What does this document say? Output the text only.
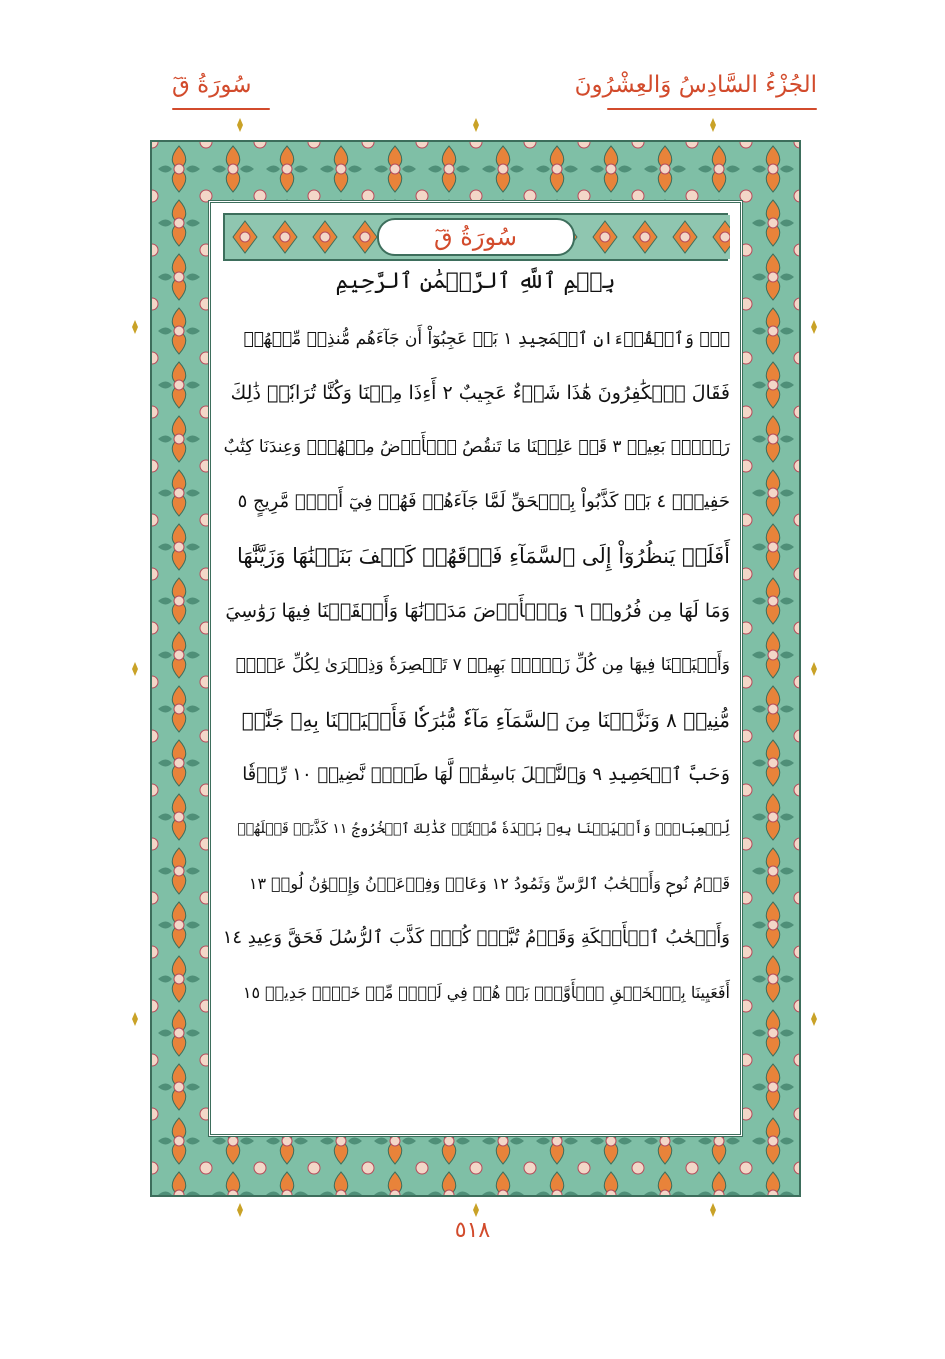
الجُزْءُ السَّادِسُ وَالعِشْرُونَ
سُورَةُ قٓ
سُورَةُ قٓ
بِسۡمِ ٱللَّهِ ٱلرَّحۡمَٰنِ ٱلرَّحِيمِ
قٓۚ وَٱلۡقُرۡءَانِ ٱلۡمَجِيدِ ١ بَلۡ عَجِبُوٓاْ أَن جَآءَهُم مُّنذِرٞ مِّنۡهُمۡ
فَقَالَ ٱلۡكَٰفِرُونَ هَٰذَا شَيۡءٌ عَجِيبٌ ٢ أَءِذَا مِتۡنَا وَكُنَّا تُرَابٗاۖ ذَٰلِكَ
رَجۡعُۢ بَعِيدٞ ٣ قَدۡ عَلِمۡنَا مَا تَنقُصُ ٱلۡأَرۡضُ مِنۡهُمۡۖ وَعِندَنَا كِتَٰبٌ
حَفِيظُۢ ٤ بَلۡ كَذَّبُواْ بِٱلۡحَقِّ لَمَّا جَآءَهُمۡ فَهُمۡ فِيٓ أَمۡرٖ مَّرِيجٍ ٥
أَفَلَمۡ يَنظُرُوٓاْ إِلَى ٱلسَّمَآءِ فَوۡقَهُمۡ كَيۡفَ بَنَيۡنَٰهَا وَزَيَّنَّٰهَا
وَمَا لَهَا مِن فُرُوجٖ ٦ وَٱلۡأَرۡضَ مَدَدۡنَٰهَا وَأَلۡقَيۡنَا فِيهَا رَوَٰسِيَ
وَأَنۢبَتۡنَا فِيهَا مِن كُلِّ زَوۡجِۭ بَهِيجٖ ٧ تَبۡصِرَةٗ وَذِكۡرَىٰ لِكُلِّ عَبۡدٖ
مُّنِيبٖ ٨ وَنَزَّلۡنَا مِنَ ٱلسَّمَآءِ مَآءٗ مُّبَٰرَكٗا فَأَنۢبَتۡنَا بِهِۦ جَنَّٰتٖ
وَحَبَّ ٱلۡحَصِيدِ ٩ وَٱلنَّخۡلَ بَاسِقَٰتٖ لَّهَا طَلۡعٞ نَّضِيدٞ ١٠ رِّزۡقٗا
لِّلۡعِبَادِۖ وَأَحۡيَيۡنَا بِهِۦ بَلۡدَةٗ مَّيۡتٗاۚ كَذَٰلِكَ ٱلۡخُرُوجُ ١١ كَذَّبَتۡ قَبۡلَهُمۡ
قَوۡمُ نُوحٖ وَأَصۡحَٰبُ ٱلرَّسِّ وَثَمُودُ ١٢ وَعَادٞ وَفِرۡعَوۡنُ وَإِخۡوَٰنُ لُوطٖ ١٣
وَأَصۡحَٰبُ ٱلۡأَيۡكَةِ وَقَوۡمُ تُبَّعٖۚ كُلّٞ كَذَّبَ ٱلرُّسُلَ فَحَقَّ وَعِيدِ ١٤
أَفَعَيِينَا بِٱلۡخَلۡقِ ٱلۡأَوَّلِۚ بَلۡ هُمۡ فِي لَبۡسٖ مِّنۡ خَلۡقٖ جَدِيدٖ ١٥
٥١٨
